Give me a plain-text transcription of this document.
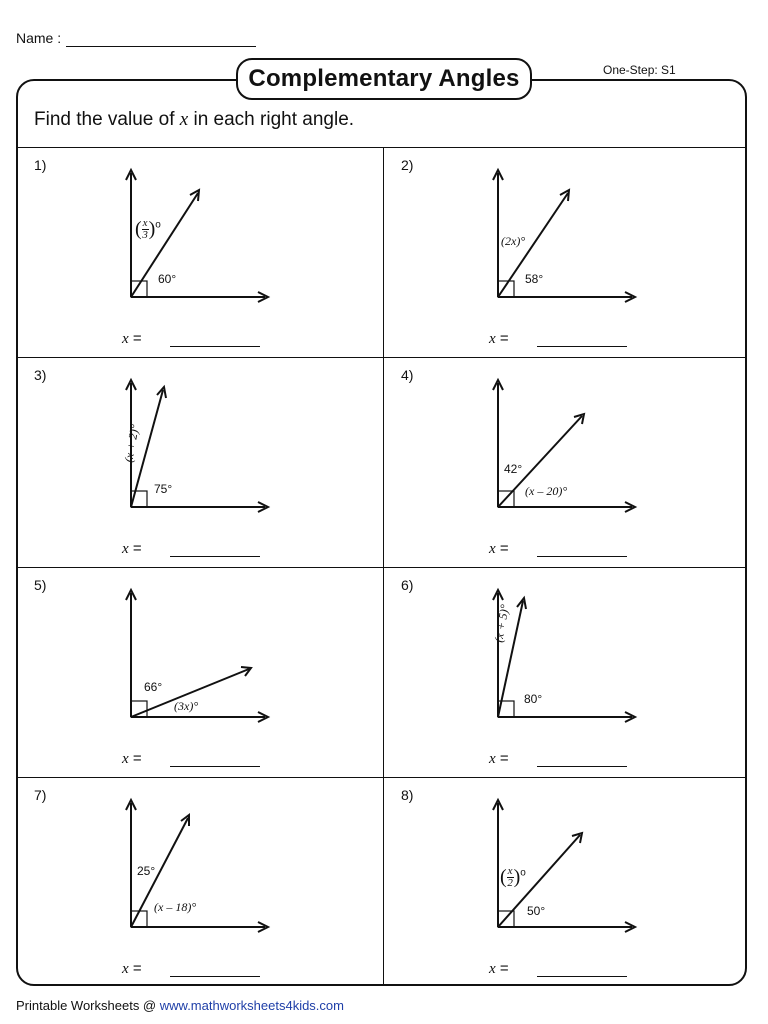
Name :
Complementary Angles	One-Step: S1
Find the value of x in each right angle.
1)
( $\frac{x}{3} )^o$
60°
x =
2)
(2x)°
58°
x =
3)
(x + 2)°
75°
x =
4)
42°
(x – 20)°
x =
5)
66°
(3x)°
x =
6)
(x + 5)°
80°
x =
7)
25°
(x – 18)°
x =
8)
( $\frac{x}{2} )^o$
50°
x =
Printable Worksheets @ www.mathworksheets4kids.com
